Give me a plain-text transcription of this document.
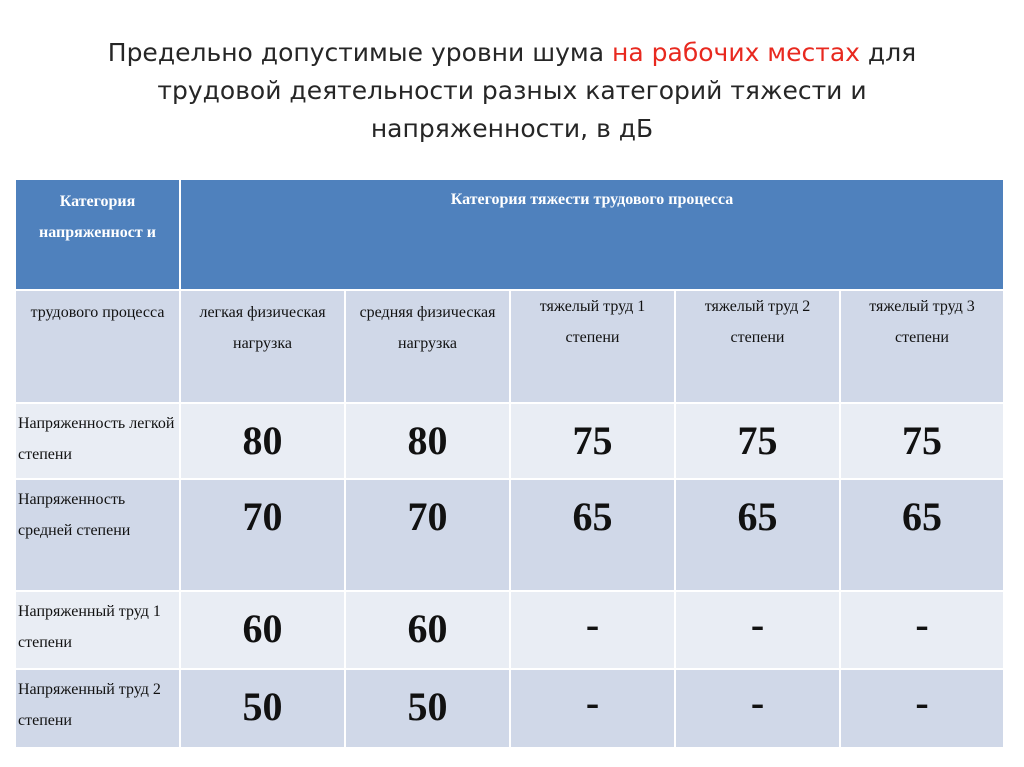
Предельно допустимые уровни шума на рабочих местах для
трудовой деятельности разных категорий тяжести и
напряженности, в дБ
Категория напряженност и	Категория тяжести трудового процесса				

трудового процесса	легкая физическая нагрузка	средняя физическая нагрузка	тяжелый труд 1 степени	тяжелый труд 2 степени	тяжелый труд 3 степени

Напряженность легкой степени	80	80	75	75	75

Напряженность средней степени	70	70	65	65	65

Напряженный труд 1 степени	60	60	-	-	-

Напряженный труд 2 степени	50	50	-	-	-
